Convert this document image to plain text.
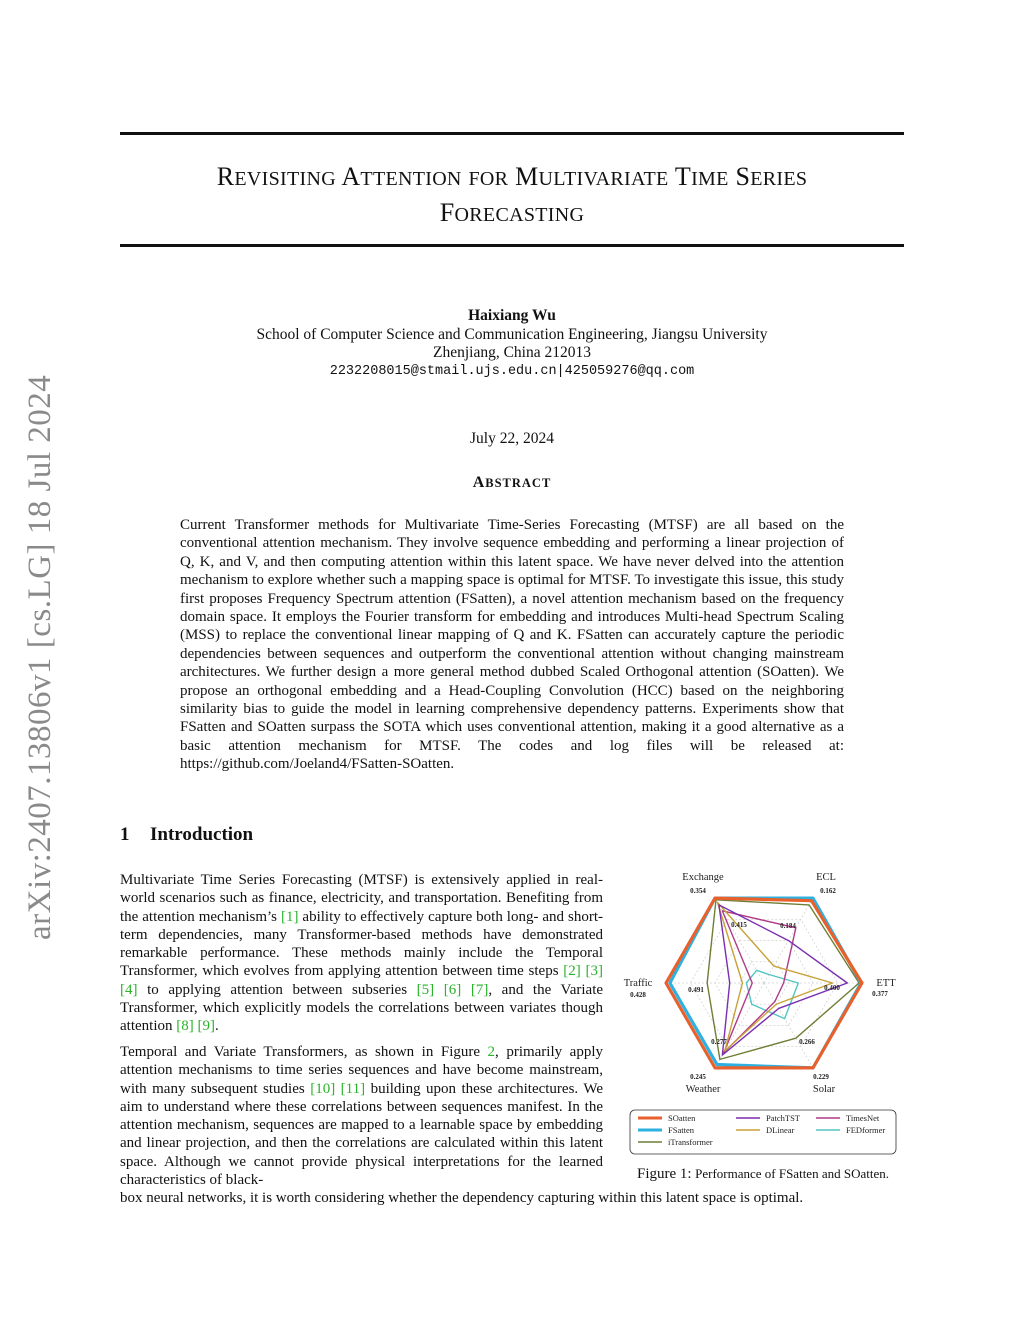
REVISITING ATTENTION FOR MULTIVARIATE TIME SERIES
FORECASTING
Haixiang Wu
School of Computer Science and Communication Engineering, Jiangsu University
Zhenjiang, China 212013
2232208015@stmail.ujs.edu.cn|425059276@qq.com
July 22, 2024
ABSTRACT
Current Transformer methods for Multivariate Time-Series Forecasting (MTSF) are all based on the conventional attention mechanism. They involve sequence embedding and performing a linear projection of Q, K, and V, and then computing attention within this latent space. We have never delved into the attention mechanism to explore whether such a mapping space is optimal for MTSF. To investigate this issue, this study first proposes Frequency Spectrum attention (FSatten), a novel attention mechanism based on the frequency domain space. It employs the Fourier transform for embedding and introduces Multi-head Spectrum Scaling (MSS) to replace the conventional linear mapping of Q and K. FSatten can accurately capture the periodic dependencies between sequences and outperform the conventional attention without changing mainstream architectures. We further design a more general method dubbed Scaled Orthogonal attention (SOatten). We propose an orthogonal embedding and a Head-Coupling Convolution (HCC) based on the neighboring similarity bias to guide the model in learning comprehensive dependency patterns. Experiments show that FSatten and SOatten surpass the SOTA which uses conventional attention, making it a good alternative as a basic attention mechanism for MTSF. The codes and log files will be released at: https://github.com/Joeland4/FSatten-SOatten.
arXiv:2407.13806v1 [cs.LG] 18 Jul 2024	1 Introduction
Multivariate Time Series Forecasting (MTSF) is extensively applied in real-world scenarios such as finance, electricity, and transportation. Benefiting from the attention mechanism’s [1] ability to effectively capture both long- and short-term dependencies, many Transformer-based methods have demonstrated remarkable performance. These methods mainly include the Temporal Transformer, which evolves from applying attention between time steps [2] [3] [4] to applying attention between subseries [5] [6] [7], and the Variate Transformer, which explicitly models the correlations between variates though attention [8] [9].
Temporal and Variate Transformers, as shown in Figure 2, primarily apply attention mechanisms to time series sequences and have become mainstream, with many subsequent studies [10] [11] building upon these architectures. We aim to understand where these correlations between sequences manifest. In the attention mechanism, sequences are mapped to a learnable space by embedding and linear projection, and then the correlations are calculated within this latent space. Although we cannot provide physical interpretations for the learned characteristics of black-
box neural networks, it is worth considering whether the dependency capturing within this latent space is optimal.
Exchange	ECL
ETT
Solar
Weather
Traffic
0.354
0.415
0.162
0.184
0.377
0.400
0.229
0.266
0.245
0.277
0.428
0.491
SOatten
FSatten
iTransformer
PatchTST
DLinear
TimesNet
FEDformer
Figure 1: Performance of FSatten and SOatten.
